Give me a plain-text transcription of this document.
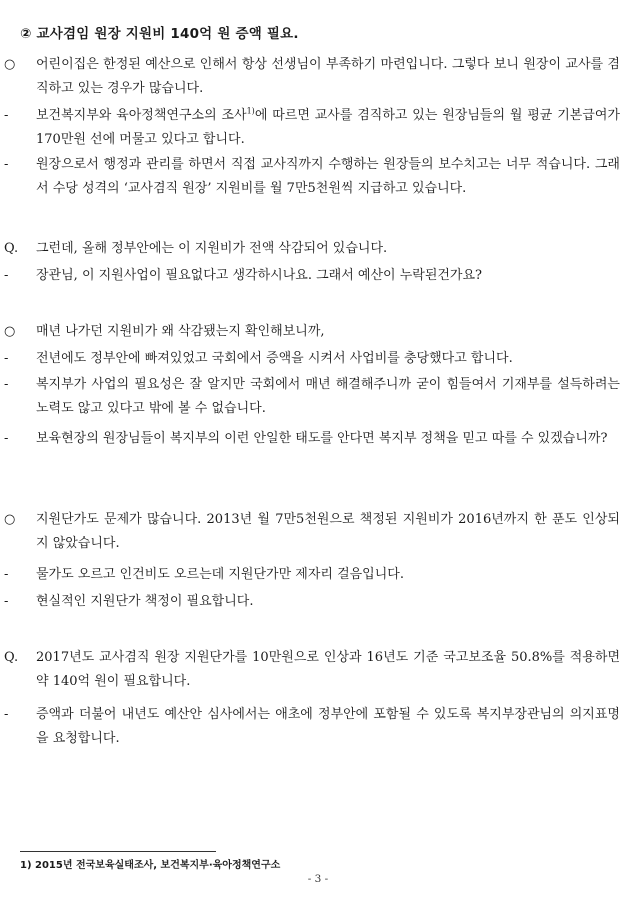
② 교사겸임 원장 지원비 140억 원 증액 필요.
○ 어린이집은 한정된 예산으로 인해서 항상 선생님이 부족하기 마련입니다. 그렇다 보니 원장이 교사를 겸직하고 있는 경우가 많습니다.
- 보건복지부와 육아정책연구소의 조사$^{1)}$에 따르면 교사를 겸직하고 있는 원장님들의 월 평균 기본급여가 170만원 선에 머물고 있다고 합니다.
- 원장으로서 행정과 관리를 하면서 직접 교사직까지 수행하는 원장들의 보수치고는 너무 적습니다. 그래서 수당 성격의 ‘교사겸직 원장’ 지원비를 월 7만5천원씩 지급하고 있습니다.
Q. 그런데, 올해 정부안에는 이 지원비가 전액 삭감되어 있습니다.
- 장관님, 이 지원사업이 필요없다고 생각하시나요. 그래서 예산이 누락된건가요?
○ 매년 나가던 지원비가 왜 삭감됐는지 확인해보니까,
- 전년에도 정부안에 빠져있었고 국회에서 증액을 시켜서 사업비를 충당했다고 합니다.
- 복지부가 사업의 필요성은 잘 알지만 국회에서 매년 해결해주니까 굳이 힘들여서 기재부를 설득하려는 노력도 않고 있다고 밖에 볼 수 없습니다.
- 보육현장의 원장님들이 복지부의 이런 안일한 태도를 안다면 복지부 정책을 믿고 따를 수 있겠습니까?
○ 지원단가도 문제가 많습니다. 2013년 월 7만5천원으로 책정된 지원비가 2016년까지 한 푼도 인상되지 않았습니다.
- 물가도 오르고 인건비도 오르는데 지원단가만 제자리 걸음입니다.
- 현실적인 지원단가 책정이 필요합니다.
Q. 2017년도 교사겸직 원장 지원단가를 10만원으로 인상과 16년도 기준 국고보조율 50.8%를 적용하면 약 140억 원이 필요합니다.
- 증액과 더불어 내년도 예산안 심사에서는 애초에 정부안에 포함될 수 있도록 복지부장관님의 의지표명을 요청합니다.
1) 2015년 전국보육실태조사, 보건복지부·육아정책연구소
- 3 -
